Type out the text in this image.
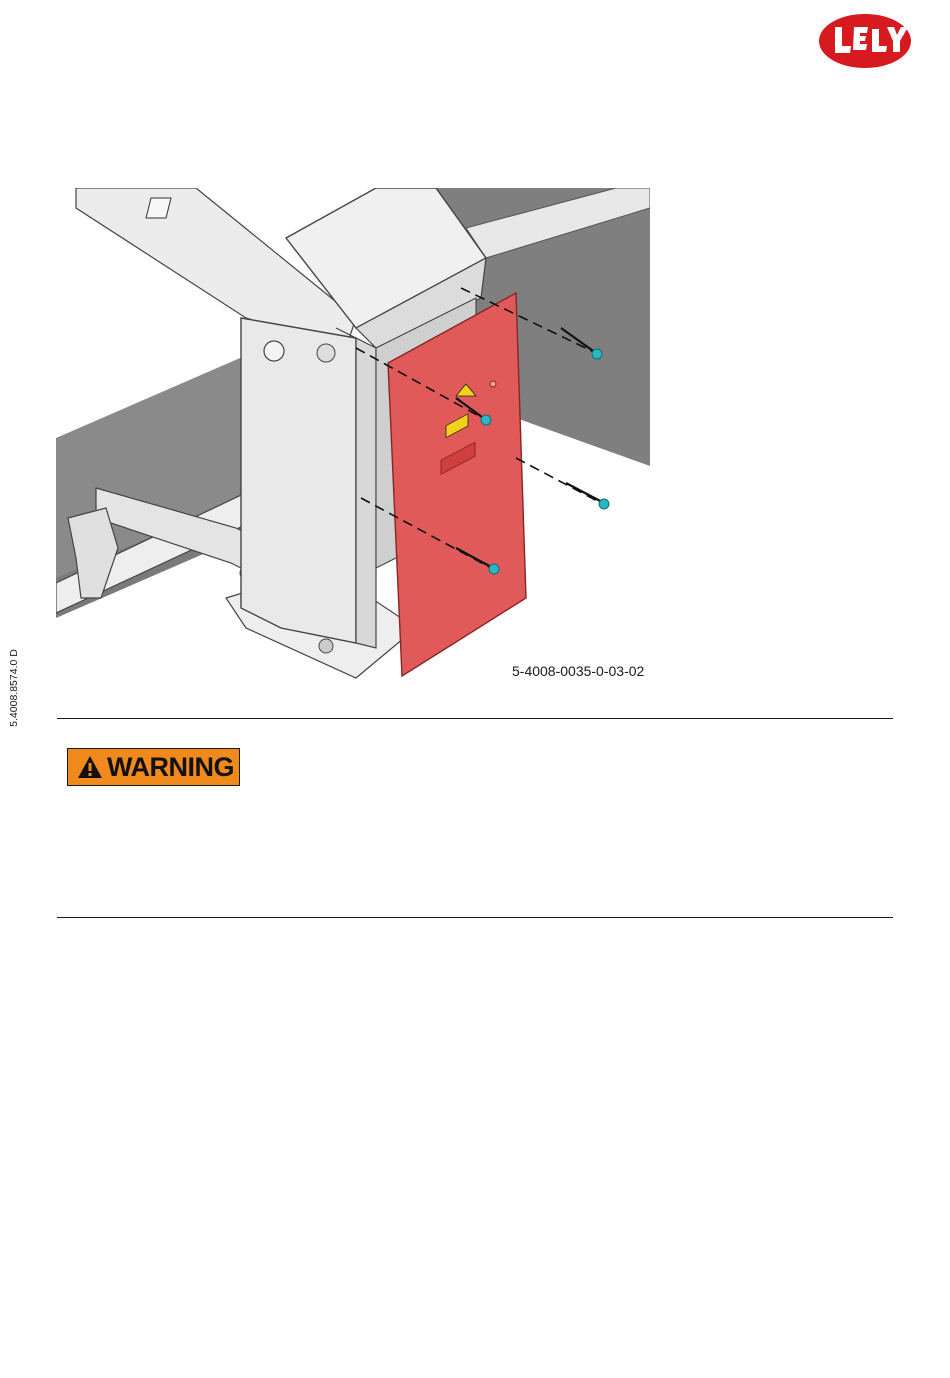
5-4008-0035-0-03-02
5.4008.8574.0 D
WARNING
